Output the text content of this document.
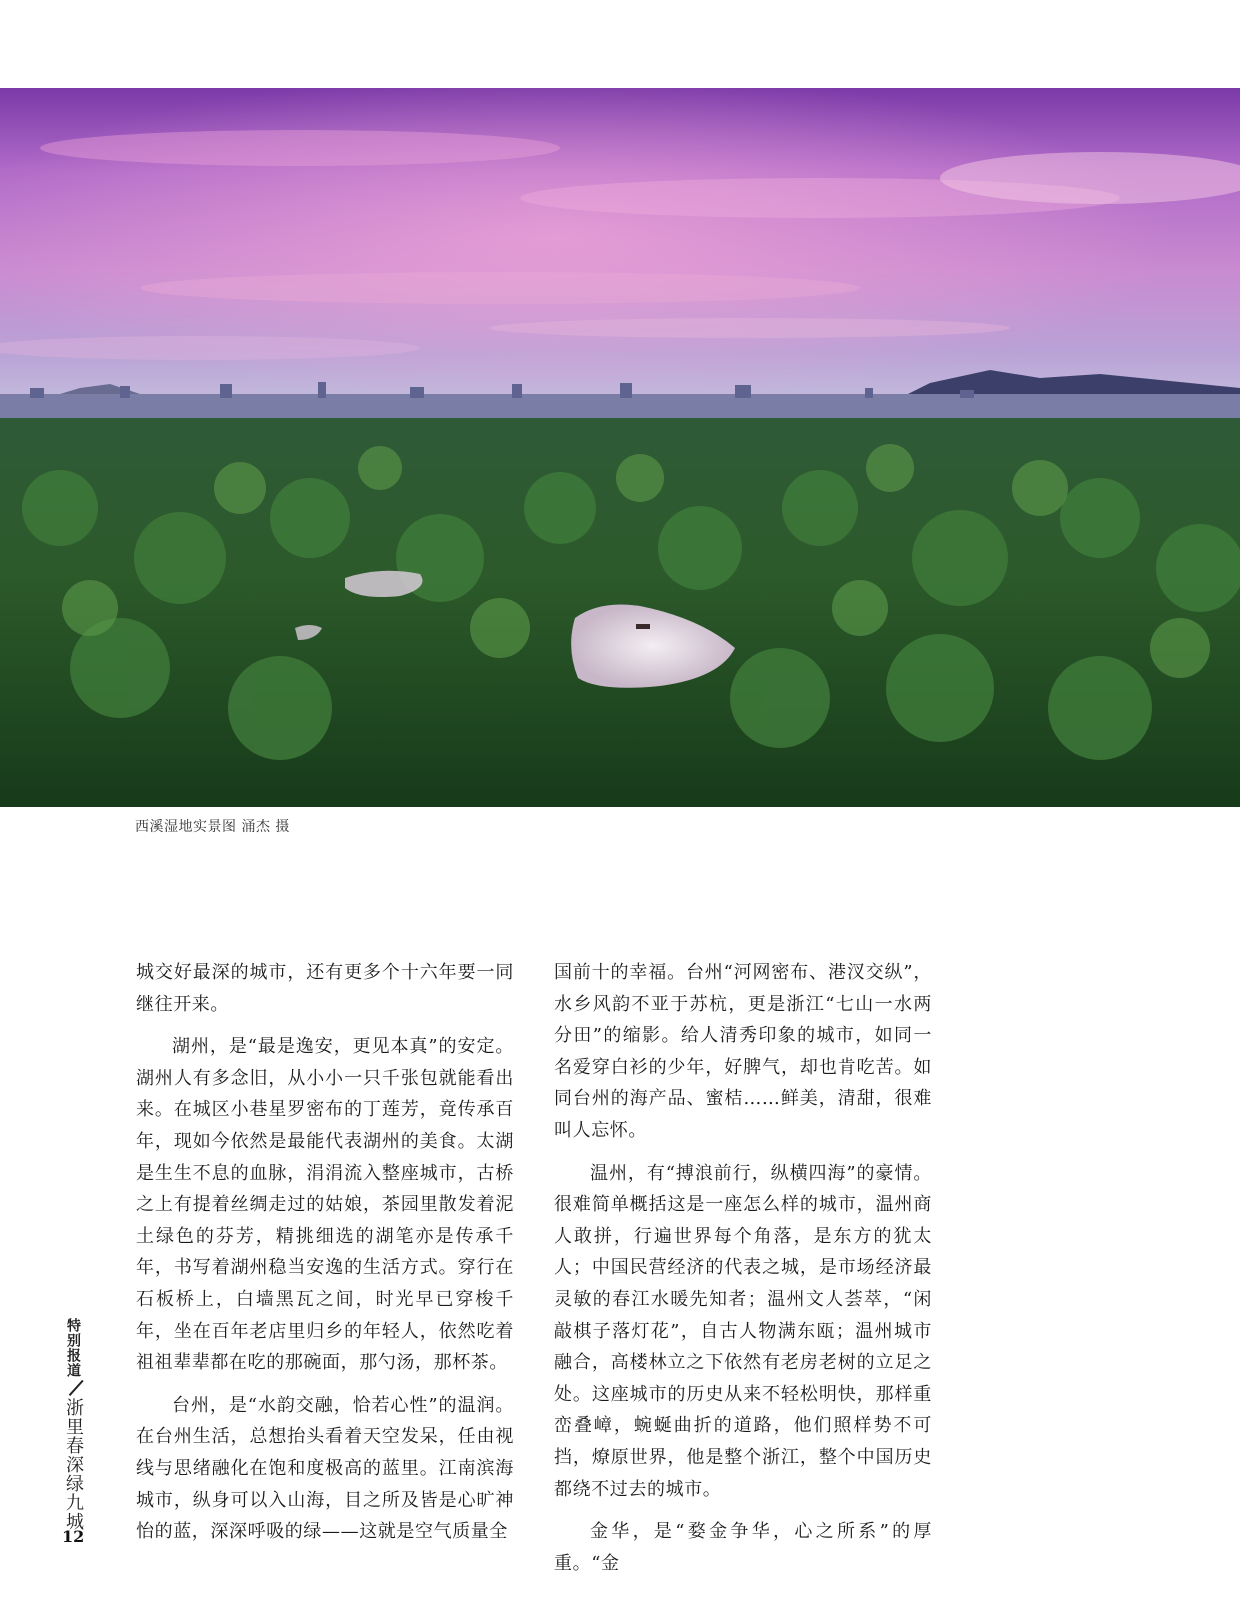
西溪湿地实景图 涌杰 摄

城交好最深的城市，还有更多个十六年要一同继往开来。

湖州，是“最是逸安，更见本真”的安定。湖州人有多念旧，从小小一只千张包就能看出来。在城区小巷星罗密布的丁莲芳，竟传承百年，现如今依然是最能代表湖州的美食。太湖是生生不息的血脉，涓涓流入整座城市，古桥之上有提着丝绸走过的姑娘，茶园里散发着泥土绿色的芬芳，精挑细选的湖笔亦是传承千年，书写着湖州稳当安逸的生活方式。穿行在石板桥上，白墙黑瓦之间，时光早已穿梭千年，坐在百年老店里归乡的年轻人，依然吃着祖祖辈辈都在吃的那碗面，那勺汤，那杯茶。

台州，是“水韵交融，恰若心性”的温润。在台州生活，总想抬头看着天空发呆，任由视线与思绪融化在饱和度极高的蓝里。江南滨海城市，纵身可以入山海，目之所及皆是心旷神怡的蓝，深深呼吸的绿——这就是空气质量全

国前十的幸福。台州“河网密布、港汊交纵”，水乡风韵不亚于苏杭，更是浙江“七山一水两分田”的缩影。给人清秀印象的城市，如同一名爱穿白衫的少年，好脾气，却也肯吃苦。如同台州的海产品、蜜桔……鲜美，清甜，很难叫人忘怀。

温州，有“搏浪前行，纵横四海”的豪情。很难简单概括这是一座怎么样的城市，温州商人敢拼，行遍世界每个角落，是东方的犹太人；中国民营经济的代表之城，是市场经济最灵敏的春江水暖先知者；温州文人荟萃，“闲敲棋子落灯花”，自古人物满东瓯；温州城市融合，高楼林立之下依然有老房老树的立足之处。这座城市的历史从来不轻松明快，那样重峦叠嶂，蜿蜒曲折的道路，他们照样势不可挡，燎原世界，他是整个浙江，整个中国历史都绕不过去的城市。

金华，是“婺金争华，心之所系”的厚重。“金

特别报道
浙里春深绿九城
12
